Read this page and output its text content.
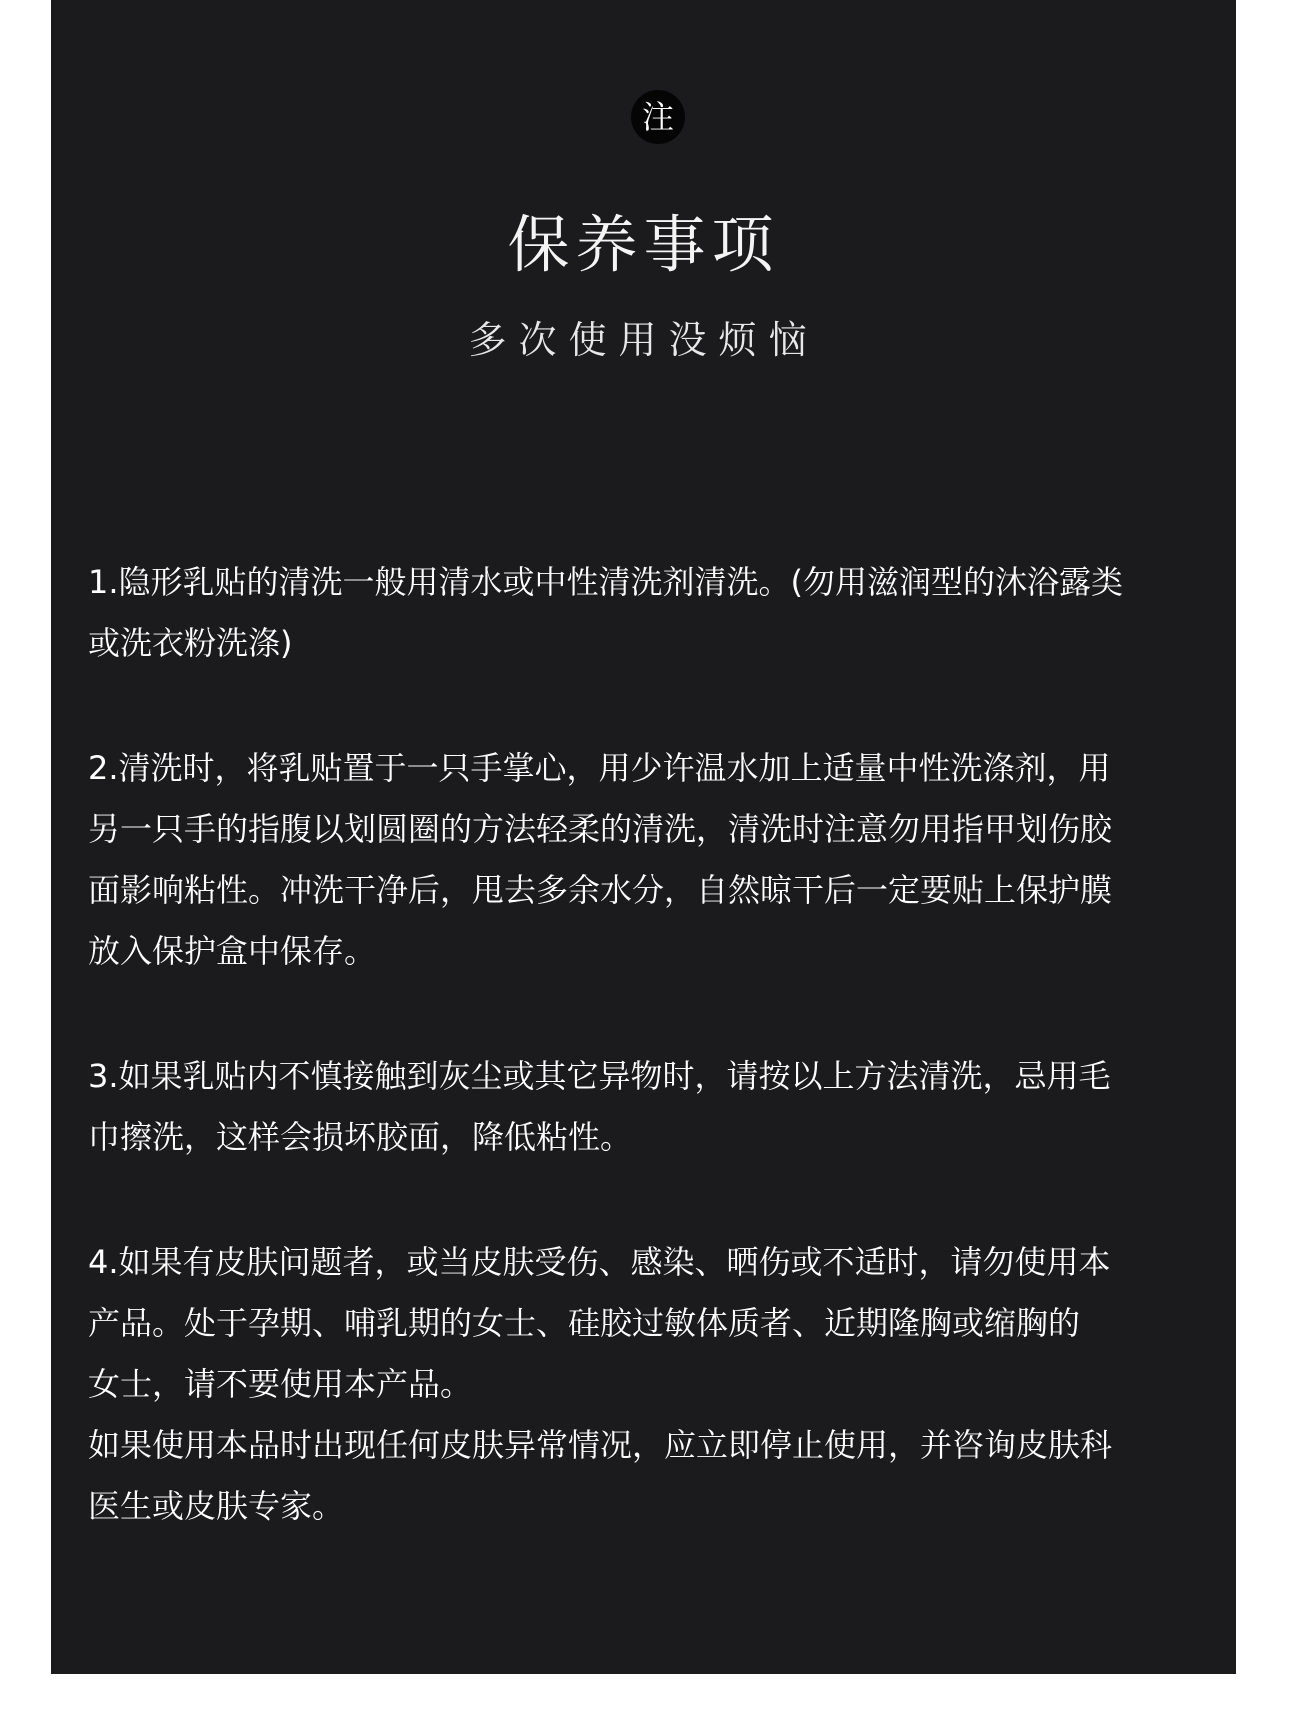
注
保养事项
多次使用没烦恼

1.隐形乳贴的清洗一般用清水或中性清洗剂清洗。(勿用滋润型的沐浴露类
或洗衣粉洗涤)

2.清洗时，将乳贴置于一只手掌心，用少许温水加上适量中性洗涤剂，用
另一只手的指腹以划圆圈的方法轻柔的清洗，清洗时注意勿用指甲划伤胶
面影响粘性。冲洗干净后，甩去多余水分，自然晾干后一定要贴上保护膜
放入保护盒中保存。

3.如果乳贴内不慎接触到灰尘或其它异物时，请按以上方法清洗，忌用毛
巾擦洗，这样会损坏胶面，降低粘性。

4.如果有皮肤问题者，或当皮肤受伤、感染、晒伤或不适时，请勿使用本
产品。处于孕期、哺乳期的女士、硅胶过敏体质者、近期隆胸或缩胸的
女士，请不要使用本产品。

如果使用本品时出现任何皮肤异常情况，应立即停止使用，并咨询皮肤科
医生或皮肤专家。
